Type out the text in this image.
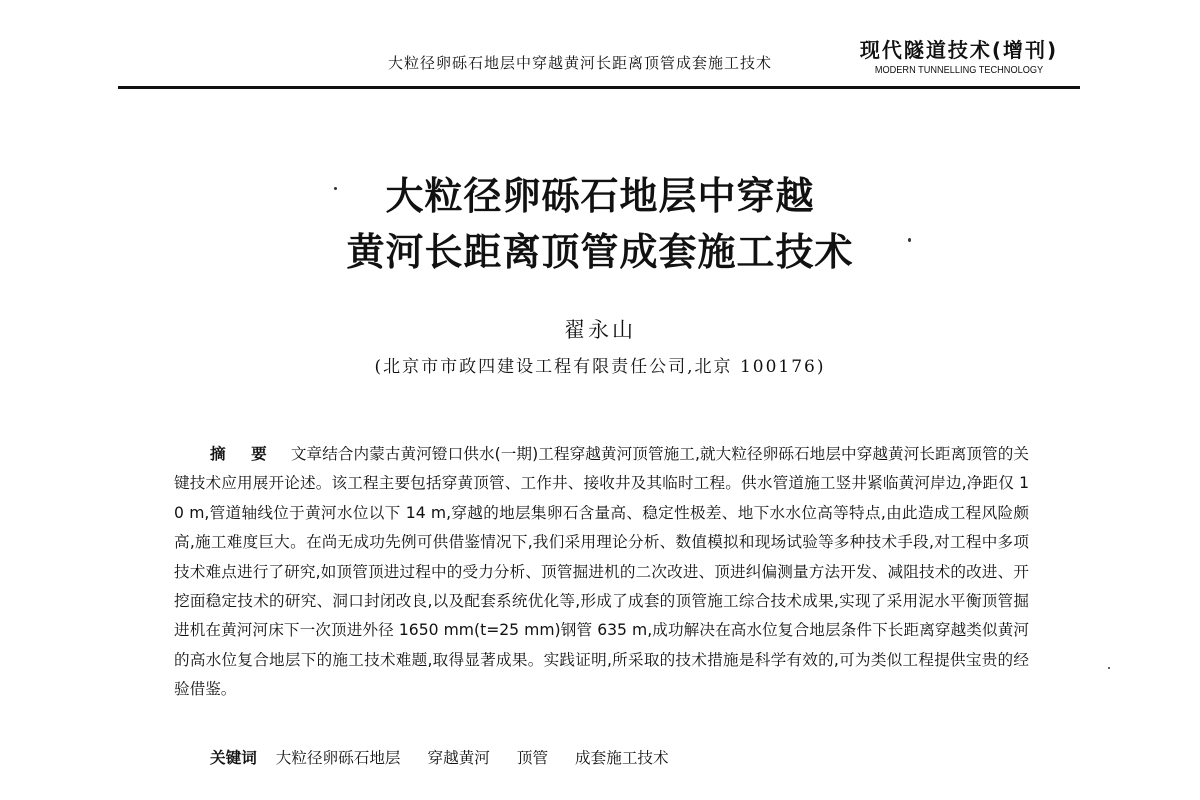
大粒径卵砾石地层中穿越黄河长距离顶管成套施工技术
现代隧道技术(增刊)
MODERN TUNNELLING TECHNOLOGY
大粒径卵砾石地层中穿越
黄河长距离顶管成套施工技术
翟永山
(北京市市政四建设工程有限责任公司,北京 100176)
摘 要 文章结合内蒙古黄河镫口供水(一期)工程穿越黄河顶管施工,就大粒径卵砾石地层中穿越黄河长距离顶管的关键技术应用展开论述。该工程主要包括穿黄顶管、工作井、接收井及其临时工程。供水管道施工竖井紧临黄河岸边,净距仅 10 m,管道轴线位于黄河水位以下 14 m,穿越的地层集卵石含量高、稳定性极差、地下水水位高等特点,由此造成工程风险颇高,施工难度巨大。在尚无成功先例可供借鉴情况下,我们采用理论分析、数值模拟和现场试验等多种技术手段,对工程中多项技术难点进行了研究,如顶管顶进过程中的受力分析、顶管掘进机的二次改进、顶进纠偏测量方法开发、减阻技术的改进、开挖面稳定技术的研究、洞口封闭改良,以及配套系统优化等,形成了成套的顶管施工综合技术成果,实现了采用泥水平衡顶管掘进机在黄河河床下一次顶进外径 1650 mm(t=25 mm)钢管 635 m,成功解决在高水位复合地层条件下长距离穿越类似黄河的高水位复合地层下的施工技术难题,取得显著成果。实践证明,所采取的技术措施是科学有效的,可为类似工程提供宝贵的经验借鉴。
关键词 大粒径卵砾石地层 穿越黄河 顶管 成套施工技术
